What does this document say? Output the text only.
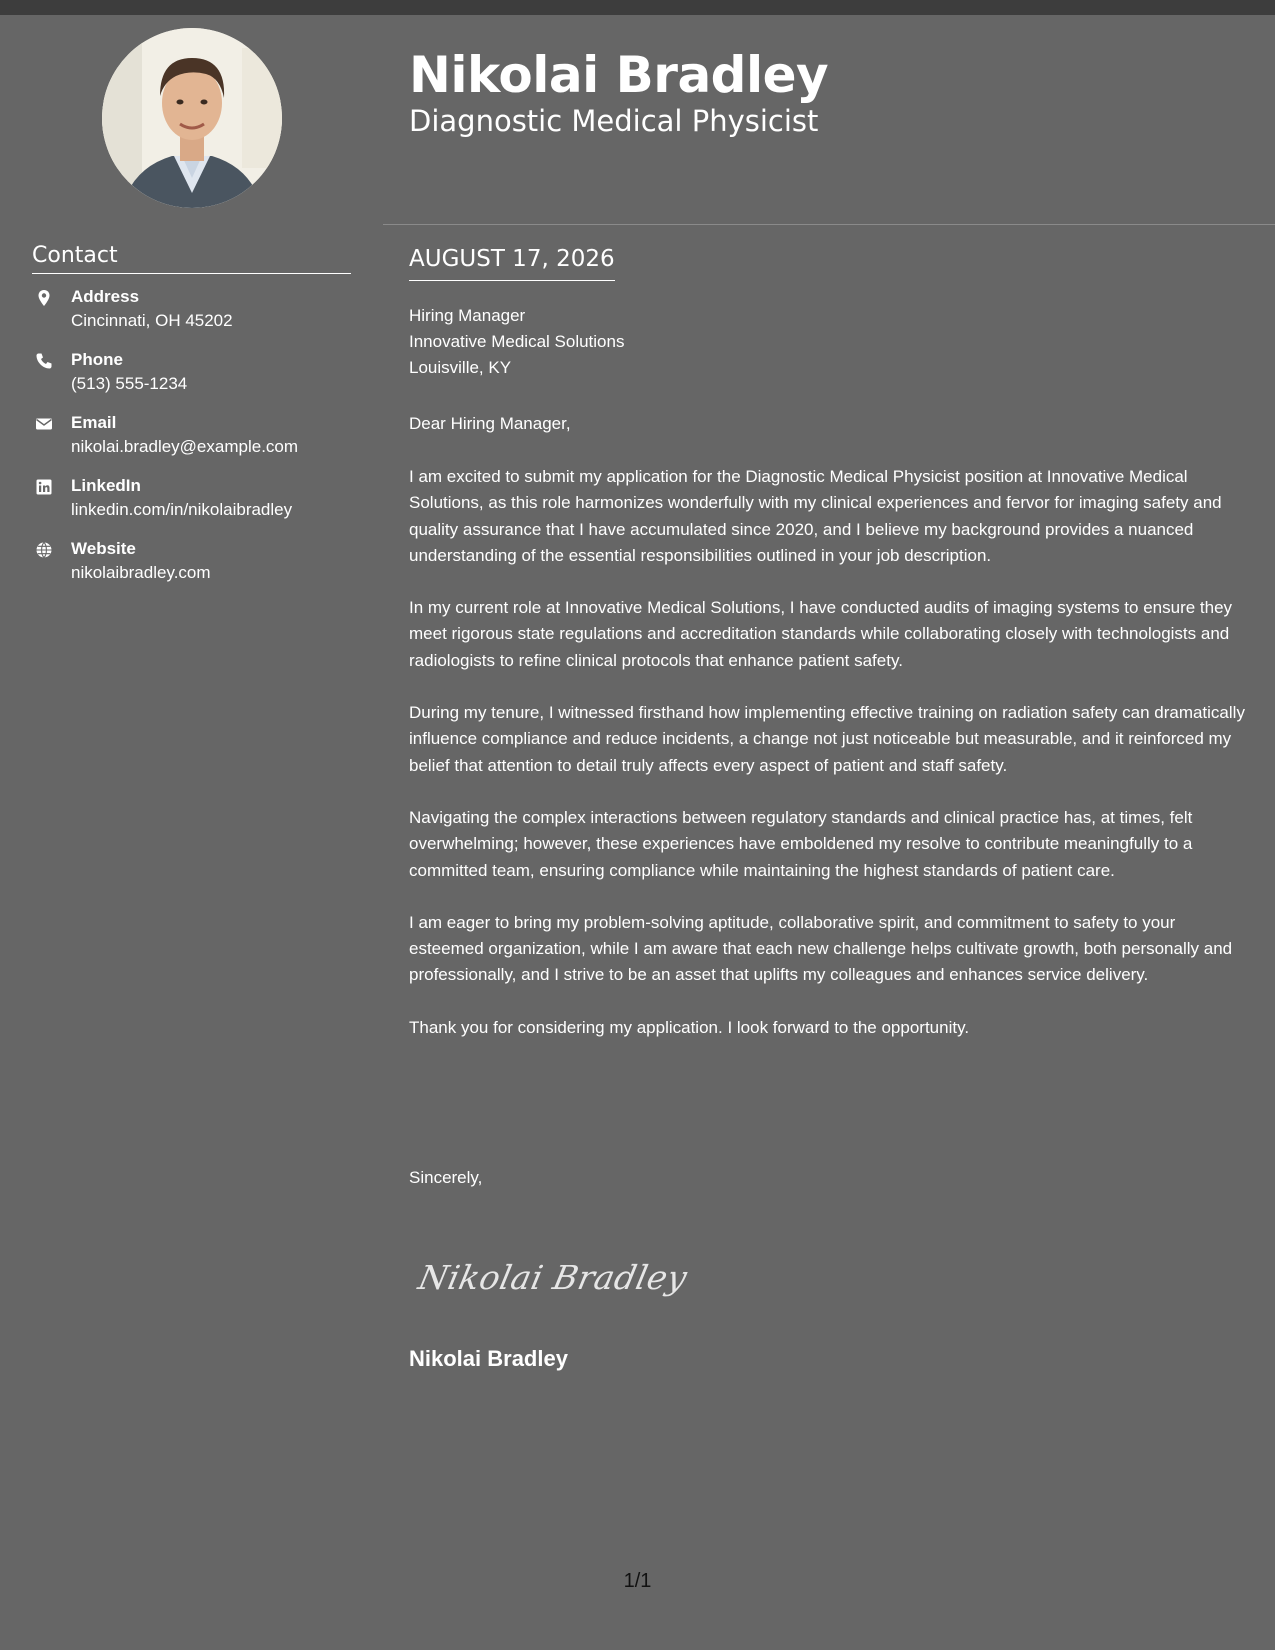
Contact
Address
Cincinnati, OH 45202
Phone
(513) 555-1234
Email
nikolai.bradley@example.com
LinkedIn
linkedin.com/in/nikolaibradley
Website
nikolaibradley.com
Nikolai Bradley
Diagnostic Medical Physicist
AUGUST 17, 2026
Hiring Manager
Innovative Medical Solutions
Louisville, KY
Dear Hiring Manager,

I am excited to submit my application for the Diagnostic Medical Physicist position at Innovative Medical Solutions, as this role harmonizes wonderfully with my clinical experiences and fervor for imaging safety and quality assurance that I have accumulated since 2020, and I believe my background provides a nuanced understanding of the essential responsibilities outlined in your job description.

In my current role at Innovative Medical Solutions, I have conducted audits of imaging systems to ensure they meet rigorous state regulations and accreditation standards while collaborating closely with technologists and radiologists to refine clinical protocols that enhance patient safety.

During my tenure, I witnessed firsthand how implementing effective training on radiation safety can dramatically influence compliance and reduce incidents, a change not just noticeable but measurable, and it reinforced my belief that attention to detail truly affects every aspect of patient and staff safety.

Navigating the complex interactions between regulatory standards and clinical practice has, at times, felt overwhelming; however, these experiences have emboldened my resolve to contribute meaningfully to a committed team, ensuring compliance while maintaining the highest standards of patient care.

I am eager to bring my problem-solving aptitude, collaborative spirit, and commitment to safety to your esteemed organization, while I am aware that each new challenge helps cultivate growth, both personally and professionally, and I strive to be an asset that uplifts my colleagues and enhances service delivery.

Thank you for considering my application. I look forward to the opportunity.

Sincerely,
Nikolai Bradley
Nikolai Bradley
1/1
